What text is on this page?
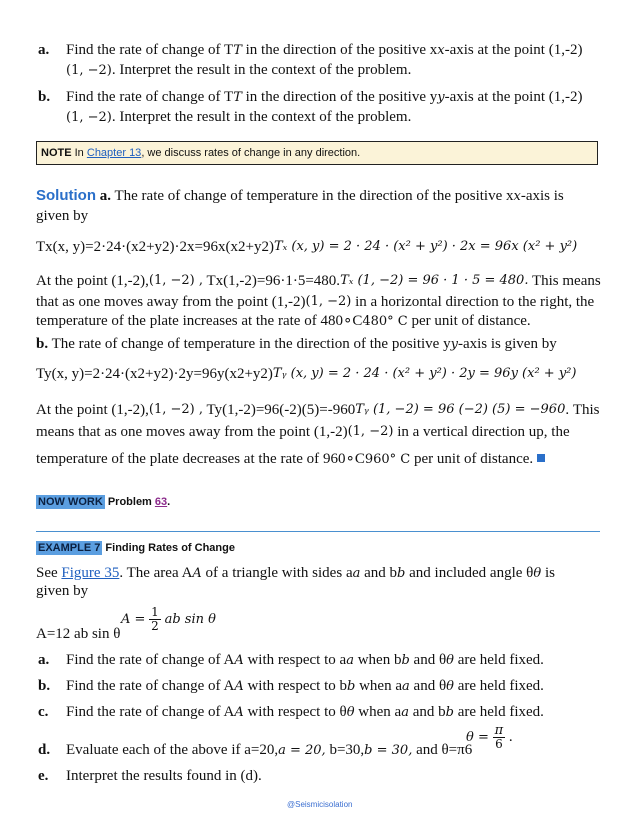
a. Find the rate of change of TT in the direction of the positive xx-axis at the point (1,-2)
(1, −2). Interpret the result in the context of the problem.
b. Find the rate of change of TT in the direction of the positive yy-axis at the point (1,-2)
(1, −2). Interpret the result in the context of the problem.
NOTE In Chapter 13, we discuss rates of change in any direction.
Solution a. The rate of change of temperature in the direction of the positive xx-axis is
given by
Tx(x, y)=2·24·(x2+y2)·2x=96x(x2+y2)Tₓ (x, y) = 2 · 24 · (x² + y²) · 2x = 96x (x² + y²)
At the point (1,-2),(1, −2) , Tx(1,-2)=96·1·5=480.Tₓ (1, −2) = 96 · 1 · 5 = 480. This means
that as one moves away from the point (1,-2)(1, −2) in a horizontal direction to the right, the
temperature of the plate increases at the rate of 480∘C480° C per unit of distance.
b. The rate of change of temperature in the direction of the positive yy-axis is given by
Ty(x, y)=2·24·(x2+y2)·2y=96y(x2+y2)Tᵧ (x, y) = 2 · 24 · (x² + y²) · 2y = 96y (x² + y²)
At the point (1,-2),(1, −2) , Ty(1,-2)=96(-2)(5)=-960Tᵧ (1, −2) = 96 (−2) (5) = −960. This
means that as one moves away from the point (1,-2)(1, −2) in a vertical direction up, the
temperature of the plate decreases at the rate of 960∘C960° C per unit of distance.
NOW WORK Problem 63.
EXAMPLE 7 Finding Rates of Change
See Figure 35. The area AA of a triangle with sides aa and bb and included angle θθ is
given by
A=12 ab sin θ
$A = \frac{1}{2}$ ab sin θ
a. Find the rate of change of AA with respect to aa when bb and θθ are held fixed.
b. Find the rate of change of AA with respect to bb when aa and θθ are held fixed.
c. Find the rate of change of AA with respect to θθ when aa and bb are held fixed.
d. Evaluate each of the above if a=20,a = 20, b=30,b = 30, and θ=π6
$\theta = \frac{\pi}{6}$ .
e. Interpret the results found in (d).
@Seismicisolation
